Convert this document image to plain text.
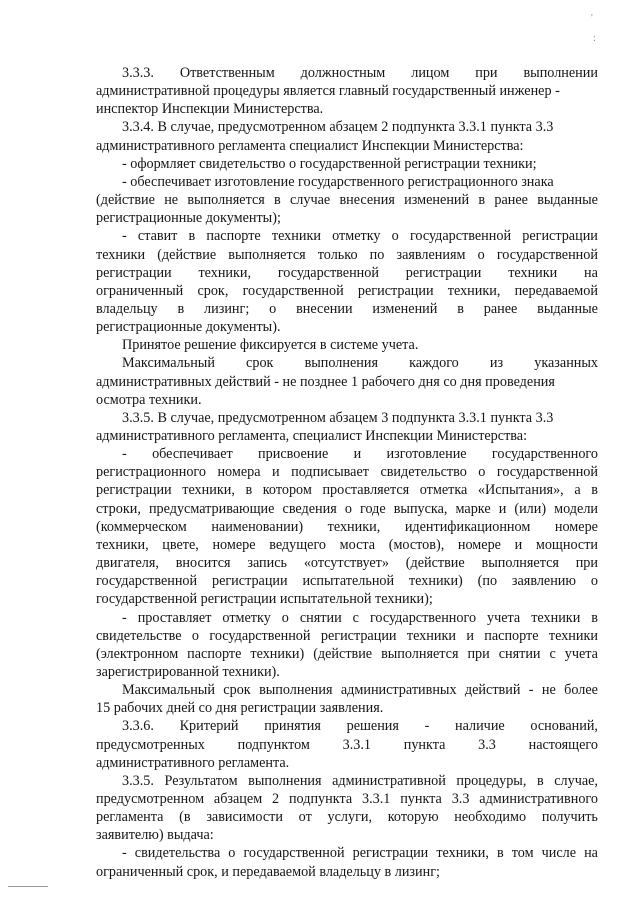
'
:
3.3.3. Ответственным должностным лицом при выполнении
административной процедуры является главный государственный инженер -
инспектор Инспекции Министерства.
3.3.4. В случае, предусмотренном абзацем 2 подпункта 3.3.1 пункта 3.3
административного регламента специалист Инспекции Министерства:
- оформляет свидетельство о государственной регистрации техники;
- обеспечивает изготовление государственного регистрационного знака
(действие не выполняется в случае внесения изменений в ранее выданные
регистрационные документы);
- ставит в паспорте техники отметку о государственной регистрации
техники (действие выполняется только по заявлениям о государственной
регистрации техники, государственной регистрации техники на
ограниченный срок, государственной регистрации техники, передаваемой
владельцу в лизинг; о внесении изменений в ранее выданные
регистрационные документы).
Принятое решение фиксируется в системе учета.
Максимальный срок выполнения каждого из указанных
административных действий - не позднее 1 рабочего дня со дня проведения
осмотра техники.
3.3.5. В случае, предусмотренном абзацем 3 подпункта 3.3.1 пункта 3.3
административного регламента, специалист Инспекции Министерства:
- обеспечивает присвоение и изготовление государственного
регистрационного номера и подписывает свидетельство о государственной
регистрации техники, в котором проставляется отметка «Испытания», а в
строки, предусматривающие сведения о годе выпуска, марке и (или) модели
(коммерческом наименовании) техники, идентификационном номере
техники, цвете, номере ведущего моста (мостов), номере и мощности
двигателя, вносится запись «отсутствует» (действие выполняется при
государственной регистрации испытательной техники) (по заявлению о
государственной регистрации испытательной техники);
- проставляет отметку о снятии с государственного учета техники в
свидетельстве о государственной регистрации техники и паспорте техники
(электронном паспорте техники) (действие выполняется при снятии с учета
зарегистрированной техники).
Максимальный срок выполнения административных действий - не более
15 рабочих дней со дня регистрации заявления.
3.3.6. Критерий принятия решения - наличие оснований,
предусмотренных подпунктом 3.3.1 пункта 3.3 настоящего
административного регламента.
3.3.5. Результатом выполнения административной процедуры, в случае,
предусмотренном абзацем 2 подпункта 3.3.1 пункта 3.3 административного
регламента (в зависимости от услуги, которую необходимо получить
заявителю) выдача:
- свидетельства о государственной регистрации техники, в том числе на
ограниченный срок, и передаваемой владельцу в лизинг;
